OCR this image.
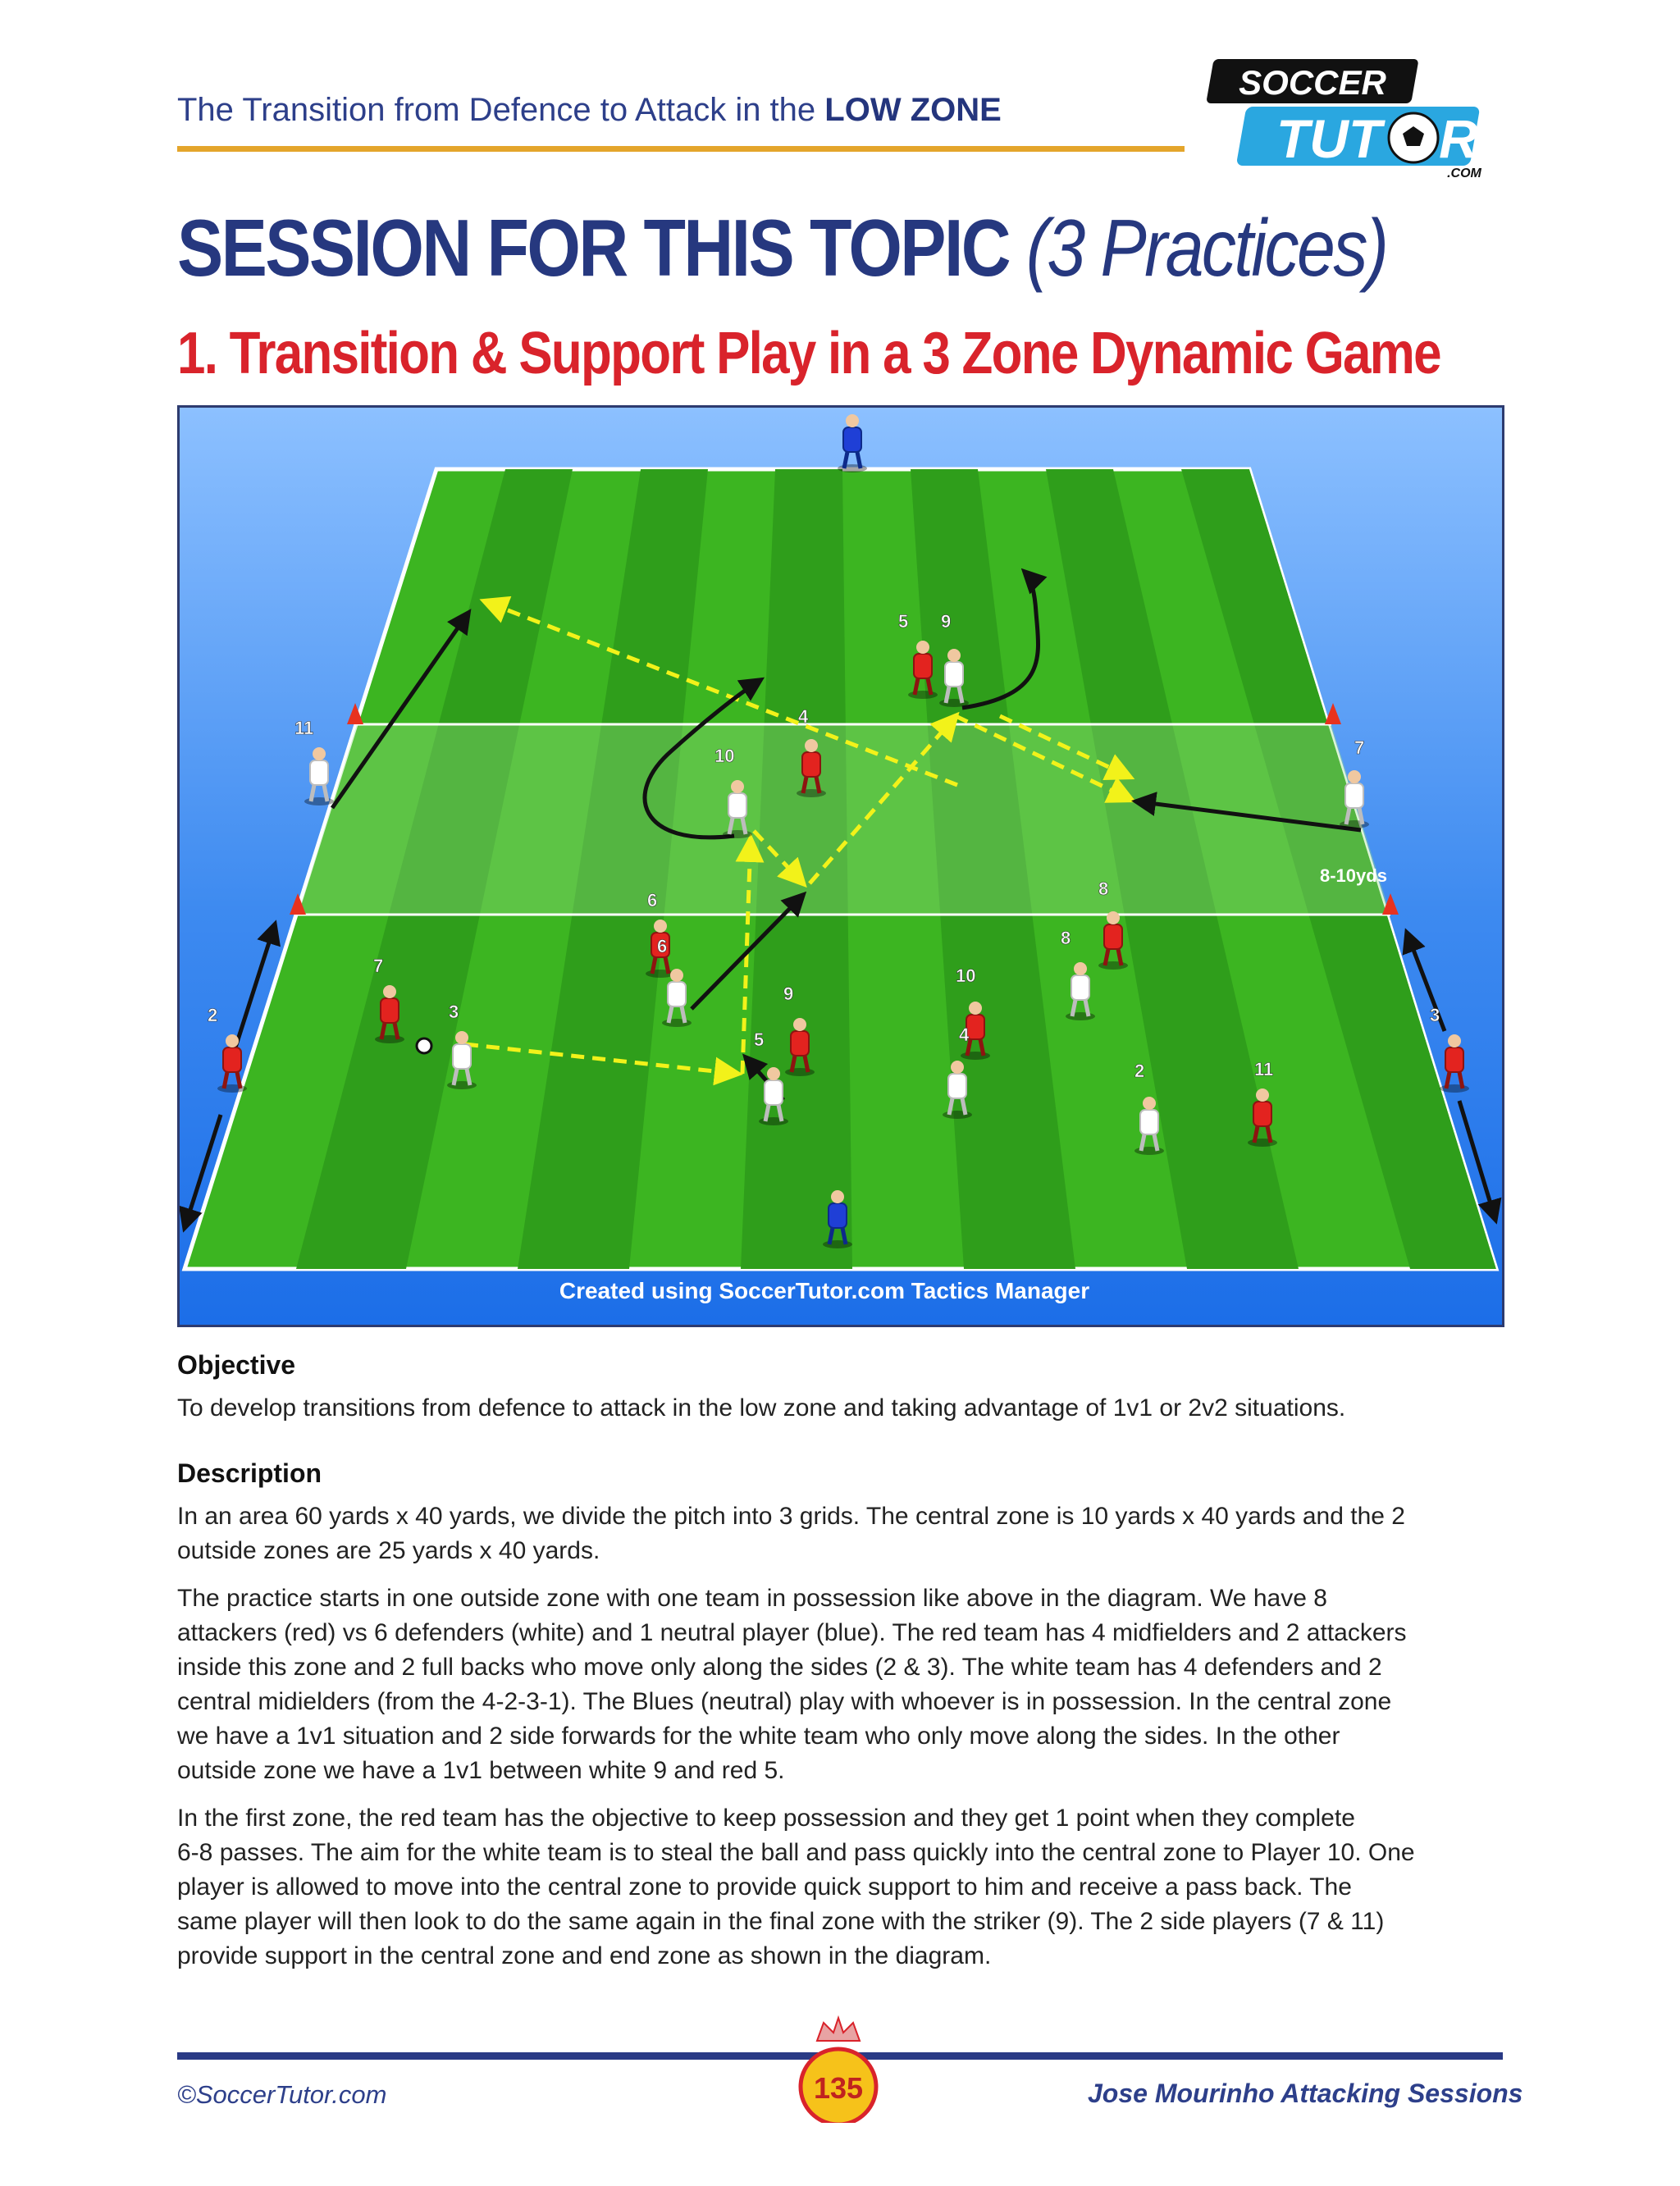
The Transition from Defence to Attack in the LOW ZONE
SOCCER
TUT R
.COM
SESSION FOR THIS TOPIC (3 Practices)
1. Transition & Support Play in a 3 Zone Dynamic Game
5
4
6
7
2
9
10
8
3
11
9
11
10	7
6
3
5	4
8
2
8-10yds
Created using SoccerTutor.com Tactics Manager
Objective
To develop transitions from defence to attack in the low zone and taking advantage of 1v1 or 2v2 situations.
Description
In an area 60 yards x 40 yards, we divide the pitch into 3 grids. The central zone is 10 yards x 40 yards and the 2
outside zones are 25 yards x 40 yards.
The practice starts in one outside zone with one team in possession like above in the diagram. We have 8
attackers (red) vs 6 defenders (white) and 1 neutral player (blue). The red team has 4 midfielders and 2 attackers
inside this zone and 2 full backs who move only along the sides (2 & 3). The white team has 4 defenders and 2
central midielders (from the 4-2-3-1). The Blues (neutral) play with whoever is in possession. In the central zone
we have a 1v1 situation and 2 side forwards for the white team who only move along the sides. In the other
outside zone we have a 1v1 between white 9 and red 5.
In the first zone, the red team has the objective to keep possession and they get 1 point when they complete
6-8 passes. The aim for the white team is to steal the ball and pass quickly into the central zone to Player 10. One
player is allowed to move into the central zone to provide quick support to him and receive a pass back. The
same player will then look to do the same again in the final zone with the striker (9). The 2 side players (7 & 11)
provide support in the central zone and end zone as shown in the diagram.
©SoccerTutor.com	135	Jose Mourinho Attacking Sessions
